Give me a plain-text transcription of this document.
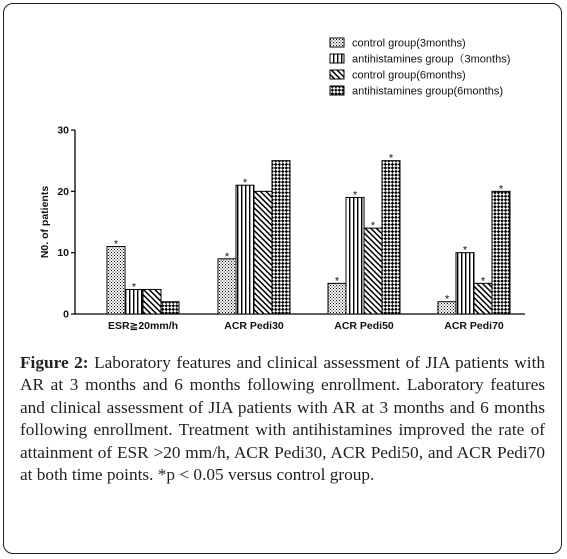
control group(3months)
antihistamines group（3months)
control group(6months)
antihistamines group(6months)
0
10
20
30
*
*
ESR≧20mm/h
*
*
ACR Pedi30
*
*
*
*
ACR Pedi50
*
*
*
*
ACR Pedi70
N0. of patients
Figure 2: Laboratory features and clinical assessment of JIA patients with AR at 3 months and 6 months following enrollment. Laboratory features and clinical assessment of JIA patients with AR at 3 months and 6 months following enrollment. Treatment with antihistamines improved the rate of attainment of ESR >20 mm/h, ACR Pedi30, ACR Pedi50, and ACR Pedi70 at both time points. *p < 0.05 versus control group.
